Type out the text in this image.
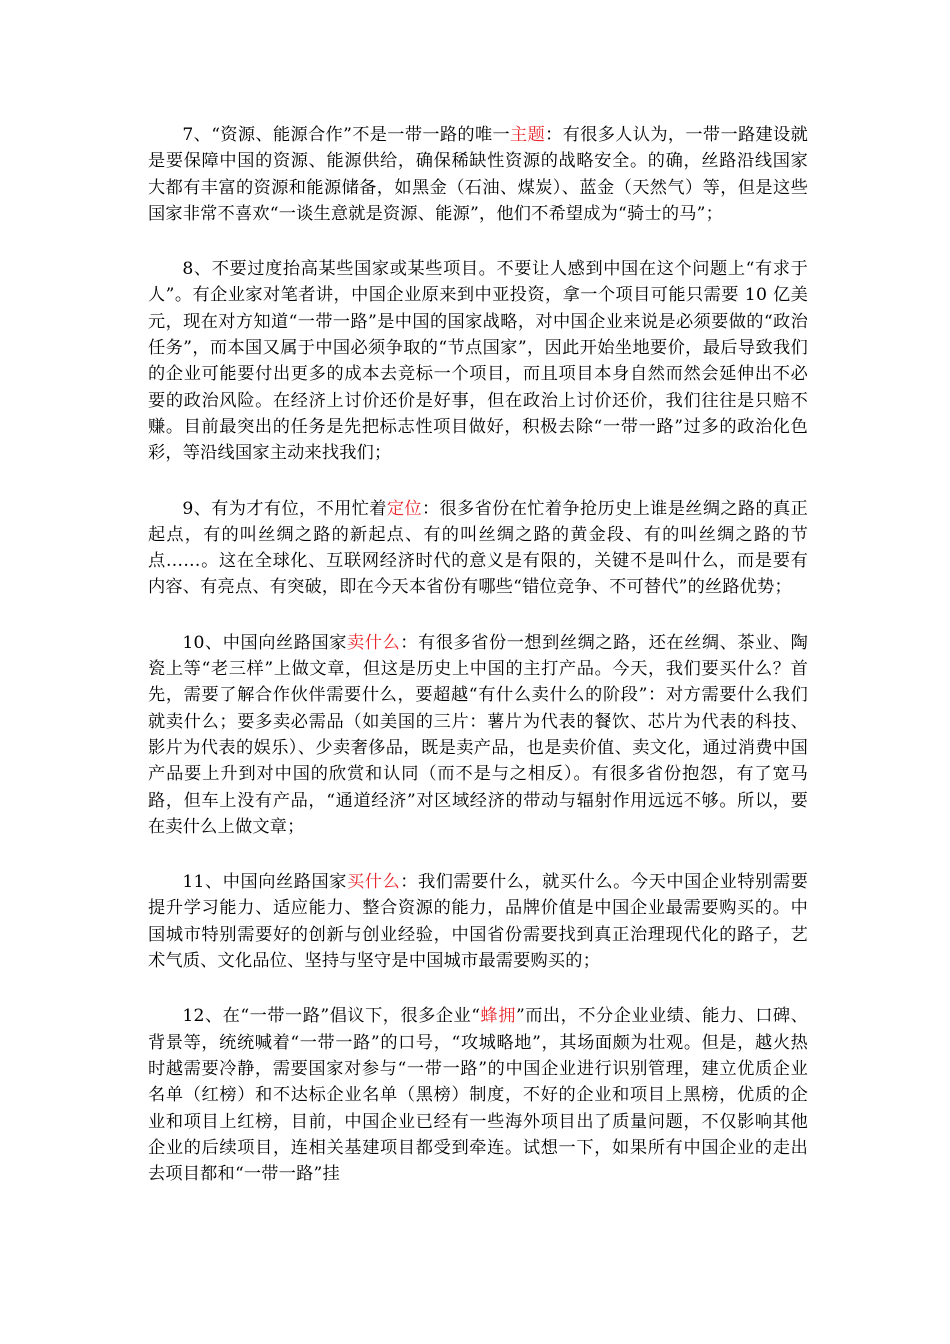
7、“资源、能源合作”不是一带一路的唯一主题：有很多人认为，一带一路建设就是要保障中国的资源、能源供给，确保稀缺性资源的战略安全。的确，丝路沿线国家大都有丰富的资源和能源储备，如黑金（石油、煤炭）、蓝金（天然气）等，但是这些国家非常不喜欢“一谈生意就是资源、能源”，他们不希望成为“骑士的马”；

8、不要过度抬高某些国家或某些项目。不要让人感到中国在这个问题上“有求于人”。有企业家对笔者讲，中国企业原来到中亚投资，拿一个项目可能只需要 10 亿美元，现在对方知道“一带一路”是中国的国家战略，对中国企业来说是必须要做的“政治任务”，而本国又属于中国必须争取的“节点国家”，因此开始坐地要价，最后导致我们的企业可能要付出更多的成本去竞标一个项目，而且项目本身自然而然会延伸出不必要的政治风险。在经济上讨价还价是好事，但在政治上讨价还价，我们往往是只赔不赚。目前最突出的任务是先把标志性项目做好，积极去除“一带一路”过多的政治化色彩，等沿线国家主动来找我们；

9、有为才有位，不用忙着定位：很多省份在忙着争抢历史上谁是丝绸之路的真正起点，有的叫丝绸之路的新起点、有的叫丝绸之路的黄金段、有的叫丝绸之路的节点……。这在全球化、互联网经济时代的意义是有限的，关键不是叫什么，而是要有内容、有亮点、有突破，即在今天本省份有哪些“错位竞争、不可替代”的丝路优势；

10、中国向丝路国家卖什么：有很多省份一想到丝绸之路，还在丝绸、茶业、陶瓷上等“老三样”上做文章，但这是历史上中国的主打产品。今天，我们要买什么？首先，需要了解合作伙伴需要什么，要超越“有什么卖什么的阶段”：对方需要什么我们就卖什么；要多卖必需品（如美国的三片：薯片为代表的餐饮、芯片为代表的科技、影片为代表的娱乐）、少卖奢侈品，既是卖产品，也是卖价值、卖文化，通过消费中国产品要上升到对中国的欣赏和认同（而不是与之相反）。有很多省份抱怨，有了宽马路，但车上没有产品，“通道经济”对区域经济的带动与辐射作用远远不够。所以，要在卖什么上做文章；

11、中国向丝路国家买什么：我们需要什么，就买什么。今天中国企业特别需要提升学习能力、适应能力、整合资源的能力，品牌价值是中国企业最需要购买的。中国城市特别需要好的创新与创业经验，中国省份需要找到真正治理现代化的路子，艺术气质、文化品位、坚持与坚守是中国城市最需要购买的；

12、在“一带一路”倡议下，很多企业“蜂拥”而出，不分企业业绩、能力、口碑、背景等，统统喊着“一带一路”的口号，“攻城略地”，其场面颇为壮观。但是，越火热时越需要冷静，需要国家对参与“一带一路”的中国企业进行识别管理，建立优质企业名单（红榜）和不达标企业名单（黑榜）制度，不好的企业和项目上黑榜，优质的企业和项目上红榜，目前，中国企业已经有一些海外项目出了质量问题，不仅影响其他企业的后续项目，连相关基建项目都受到牵连。试想一下，如果所有中国企业的走出去项目都和“一带一路”挂
